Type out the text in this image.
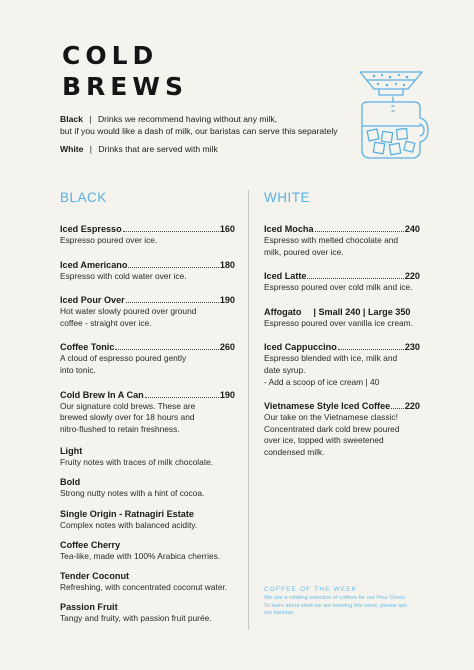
COLD
BREWS
Black | Drinks we recommend having without any milk,
but if you would like a dash of milk, our baristas can serve this separately
White | Drinks that are served with milk
BLACK
Iced Espresso	160
Espresso poured over ice.
Iced Americano	180
Espresso with cold water over ice.
Iced Pour Over	190
Hot water slowly poured over ground
coffee - straight over ice.
Coffee Tonic	260
A cloud of espresso poured gently
into tonic.
Cold Brew In A Can	190
Our signature cold brews. These are
brewed slowly over for 18 hours and
nitro-flushed to retain freshness.
Light
Fruity notes with traces of milk chocolate.
Bold
Strong nutty notes with a hint of cocoa.
Single Origin - Ratnagiri Estate
Complex notes with balanced acidity.
Coffee Cherry
Tea-like, made with 100% Arabica cherries.
Tender Coconut
Refreshing, with concentrated coconut water.
Passion Fruit
Tangy and fruity, with passion fruit purée.
WHITE
Iced Mocha	240
Espresso with melted chocolate and
milk, poured over ice.
Iced Latte	220
Espresso poured over cold milk and ice.
Affogato | Small 240 | Large 350
Espresso poured over vanilla ice cream.
Iced Cappuccino	230
Espresso blended with ice, milk and
date syrup.
- Add a scoop of ice cream | 40
Vietnamese Style Iced Coffee 220
Our take on the Vietnamese classic!
Concentrated dark cold brew poured
over ice, topped with sweetened
condensed milk.
COFFEE OF THE WEEK
We use a rotating selection of coffees for our Pour Overs.
To learn about what we are brewing this week, please ask
our baristas.
